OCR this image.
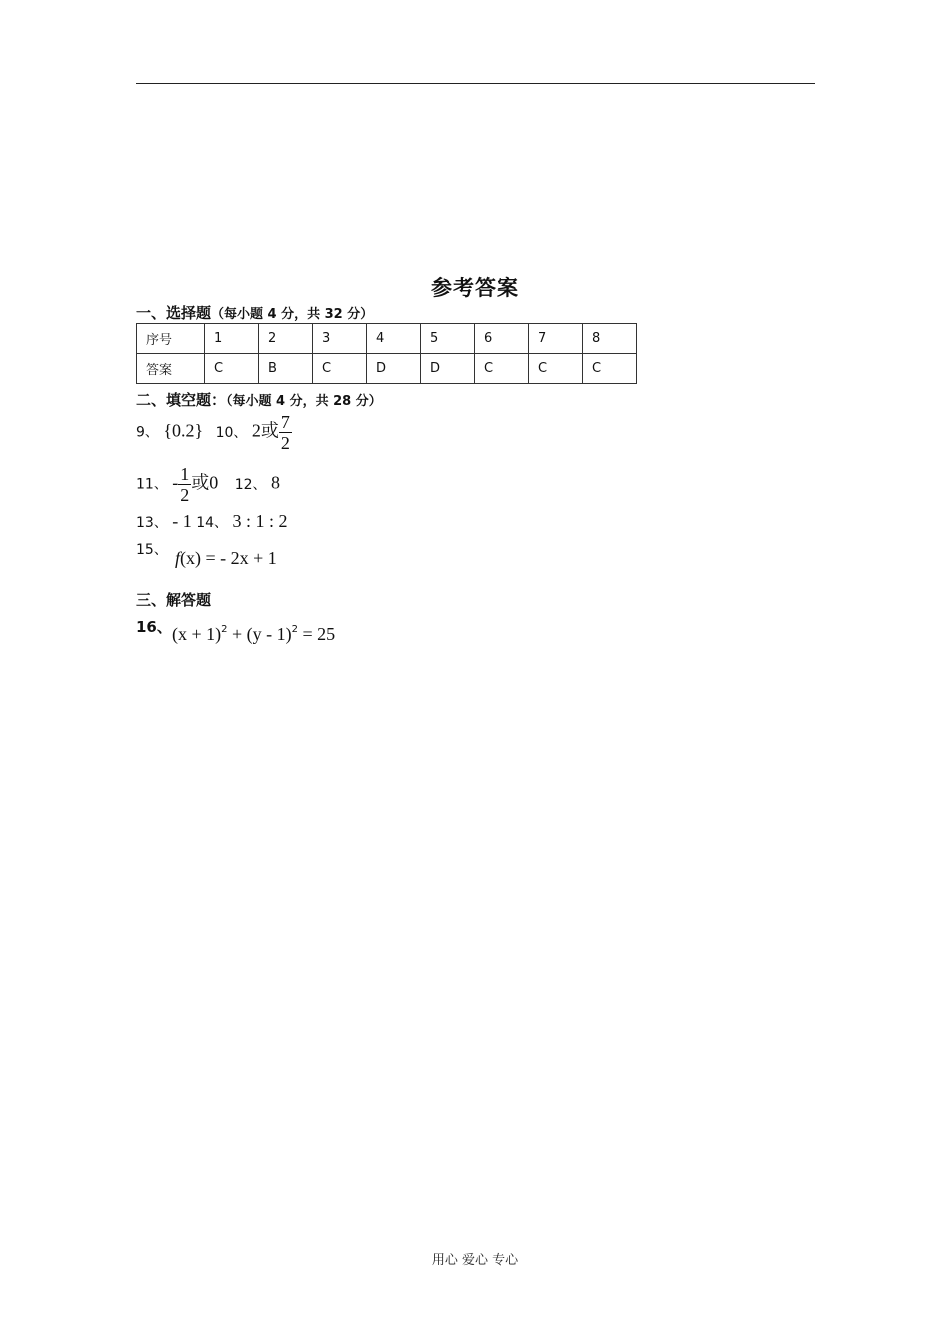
参考答案
一、选择题（每小题 4 分，共 32 分）
序号	1	2	3	4	5	6	7	8
答案	C	B	C	D	D	C	C	C
二、填空题：（每小题 4 分，共 28 分）
9、 {0.2} 10、 2或 $\frac{7}{2}$
11、 - $\frac{1}{2}$ 或0 12、 8
13、 - 1 14、 3 : 1 : 2
15、 f(x) = - 2x + 1
三、解答题
16、 $(x + 1)^2 + (y - 1)^2 = 25$
用心 爱心 专心
